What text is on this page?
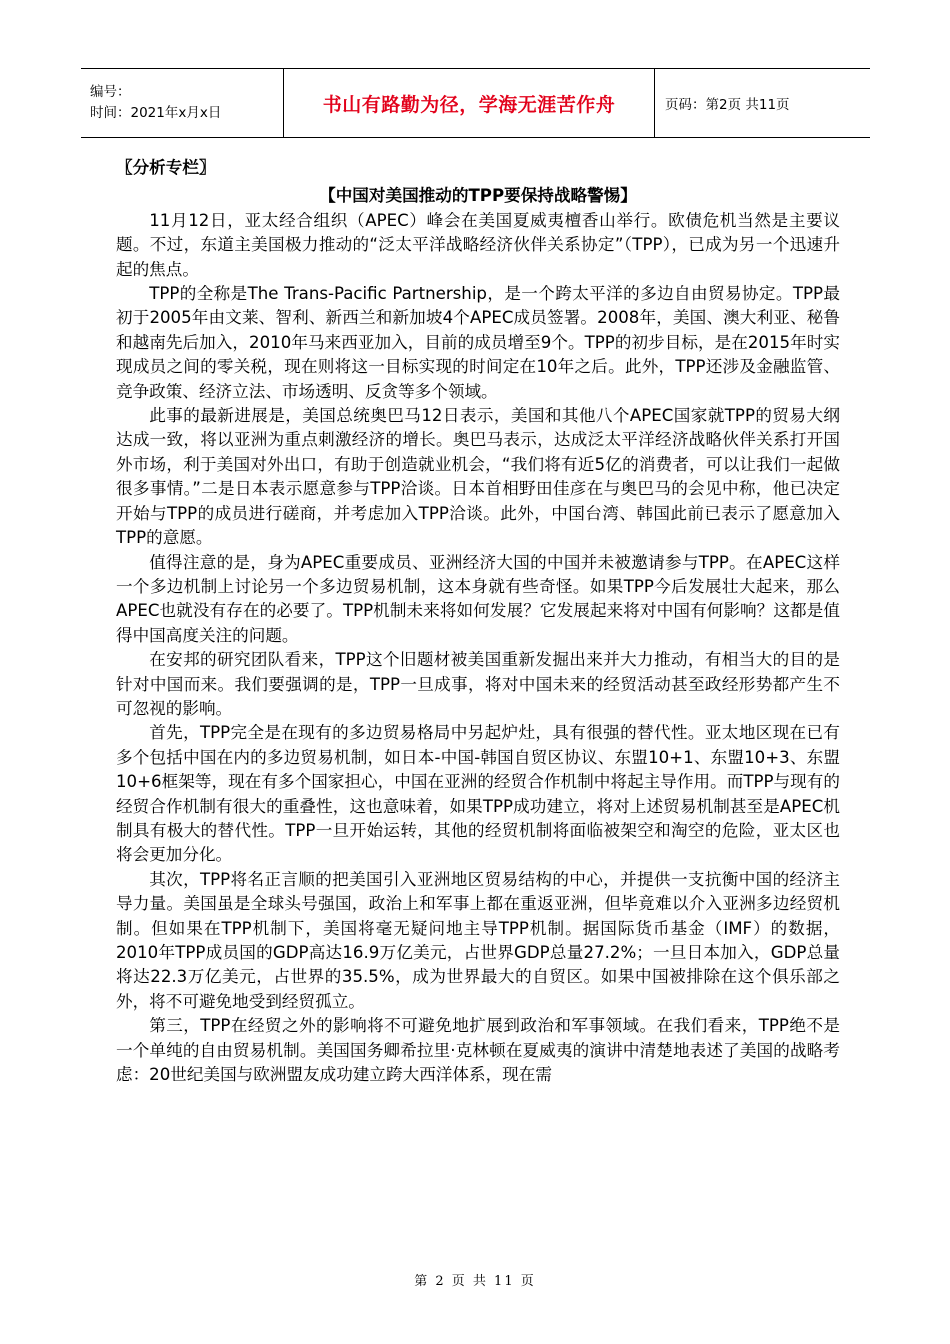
编号：
时间：2021年x月x日	书山有路勤为径，学海无涯苦作舟	页码：第2页 共11页

〖分析专栏〗

【中国对美国推动的TPP要保持战略警惕】

11月12日，亚太经合组织（APEC）峰会在美国夏威夷檀香山举行。欧债危机当然是主要议题。不过，东道主美国极力推动的“泛太平洋战略经济伙伴关系协定”（TPP），已成为另一个迅速升起的焦点。

TPP的全称是The Trans-Pacific Partnership，是一个跨太平洋的多边自由贸易协定。TPP最初于2005年由文莱、智利、新西兰和新加坡4个APEC成员签署。2008年，美国、澳大利亚、秘鲁和越南先后加入，2010年马来西亚加入，目前的成员增至9个。TPP的初步目标，是在2015年时实现成员之间的零关税，现在则将这一目标实现的时间定在10年之后。此外，TPP还涉及金融监管、竞争政策、经济立法、市场透明、反贪等多个领域。

此事的最新进展是，美国总统奥巴马12日表示，美国和其他八个APEC国家就TPP的贸易大纲达成一致，将以亚洲为重点刺激经济的增长。奥巴马表示，达成泛太平洋经济战略伙伴关系打开国外市场，利于美国对外出口，有助于创造就业机会，“我们将有近5亿的消费者，可以让我们一起做很多事情。”二是日本表示愿意参与TPP洽谈。日本首相野田佳彦在与奥巴马的会见中称，他已决定开始与TPP的成员进行磋商，并考虑加入TPP洽谈。此外，中国台湾、韩国此前已表示了愿意加入TPP的意愿。

值得注意的是，身为APEC重要成员、亚洲经济大国的中国并未被邀请参与TPP。在APEC这样一个多边机制上讨论另一个多边贸易机制，这本身就有些奇怪。如果TPP今后发展壮大起来，那么APEC也就没有存在的必要了。TPP机制未来将如何发展？它发展起来将对中国有何影响？这都是值得中国高度关注的问题。

在安邦的研究团队看来，TPP这个旧题材被美国重新发掘出来并大力推动，有相当大的目的是针对中国而来。我们要强调的是，TPP一旦成事，将对中国未来的经贸活动甚至政经形势都产生不可忽视的影响。

首先，TPP完全是在现有的多边贸易格局中另起炉灶，具有很强的替代性。亚太地区现在已有多个包括中国在内的多边贸易机制，如日本-中国-韩国自贸区协议、东盟10+1、东盟10+3、东盟10+6框架等，现在有多个国家担心，中国在亚洲的经贸合作机制中将起主导作用。而TPP与现有的经贸合作机制有很大的重叠性，这也意味着，如果TPP成功建立，将对上述贸易机制甚至是APEC机制具有极大的替代性。TPP一旦开始运转，其他的经贸机制将面临被架空和淘空的危险，亚太区也将会更加分化。

其次，TPP将名正言顺的把美国引入亚洲地区贸易结构的中心，并提供一支抗衡中国的经济主导力量。美国虽是全球头号强国，政治上和军事上都在重返亚洲，但毕竟难以介入亚洲多边经贸机制。但如果在TPP机制下，美国将毫无疑问地主导TPP机制。据国际货币基金（IMF）的数据，2010年TPP成员国的GDP高达16.9万亿美元，占世界GDP总量27.2%；一旦日本加入，GDP总量将达22.3万亿美元，占世界的35.5%，成为世界最大的自贸区。如果中国被排除在这个俱乐部之外，将不可避免地受到经贸孤立。

第三，TPP在经贸之外的影响将不可避免地扩展到政治和军事领域。在我们看来，TPP绝不是一个单纯的自由贸易机制。美国国务卿希拉里·克林顿在夏威夷的演讲中清楚地表述了美国的战略考虑：20世纪美国与欧洲盟友成功建立跨大西洋体系，现在需

第 2 页 共 11 页
